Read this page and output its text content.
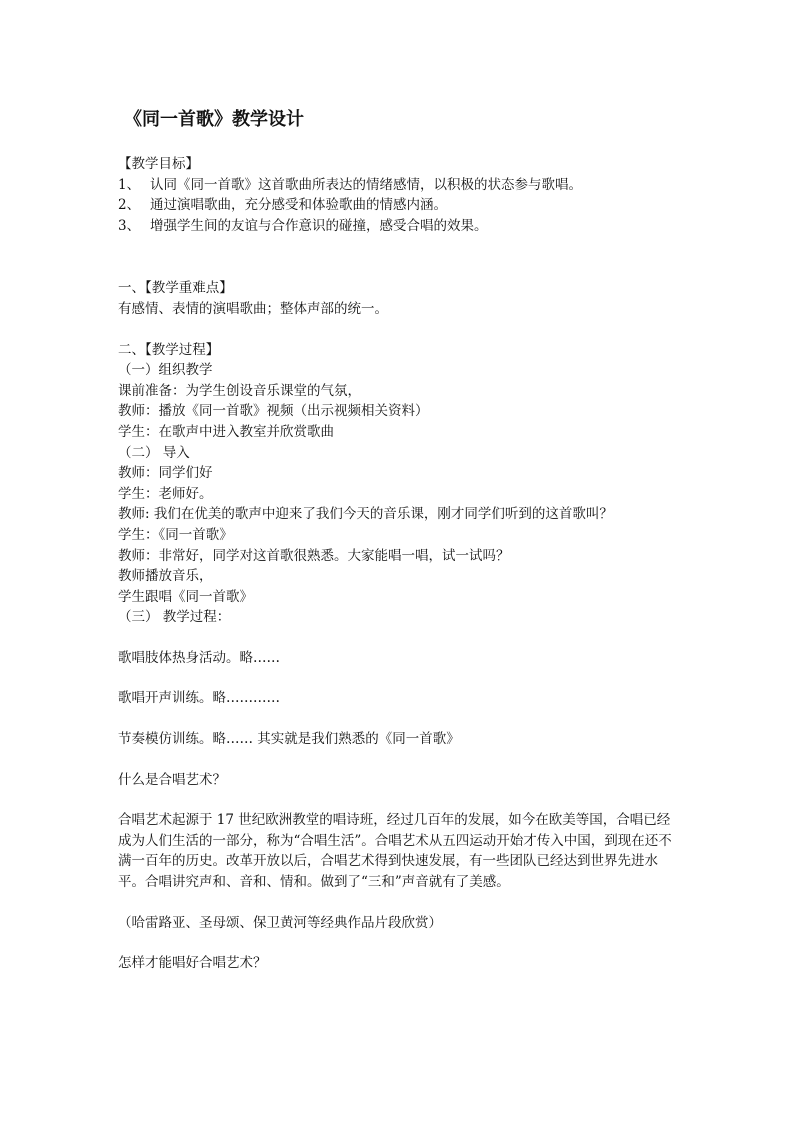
《同一首歌》教学设计
【教学目标】
1、 认同《同一首歌》这首歌曲所表达的情绪感情，以积极的状态参与歌唱。
2、 通过演唱歌曲，充分感受和体验歌曲的情感内涵。
3、 增强学生间的友谊与合作意识的碰撞，感受合唱的效果。
一、【教学重难点】
有感情、表情的演唱歌曲；整体声部的统一。
二、【教学过程】
（一）组织教学
课前准备：为学生创设音乐课堂的气氛，
教师：播放《同一首歌》视频（出示视频相关资料）
学生：在歌声中进入教室并欣赏歌曲
（二） 导入
教师：同学们好
学生：老师好。
教师: 我们在优美的歌声中迎来了我们今天的音乐课，刚才同学们听到的这首歌叫？
学生：《同一首歌》
教师：非常好，同学对这首歌很熟悉。大家能唱一唱，试一试吗？
教师播放音乐，
学生跟唱《同一首歌》
（三） 教学过程：
歌唱肢体热身活动。略……
歌唱开声训练。略…………
节奏模仿训练。略…… 其实就是我们熟悉的《同一首歌》
什么是合唱艺术？
合唱艺术起源于 17 世纪欧洲教堂的唱诗班，经过几百年的发展，如今在欧美等国，合唱已经成为人们生活的一部分，称为“合唱生活”。合唱艺术从五四运动开始才传入中国，到现在还不满一百年的历史。改革开放以后，合唱艺术得到快速发展，有一些团队已经达到世界先进水平。合唱讲究声和、音和、情和。做到了“三和”声音就有了美感。
（哈雷路亚、圣母颂、保卫黄河等经典作品片段欣赏）
怎样才能唱好合唱艺术？
